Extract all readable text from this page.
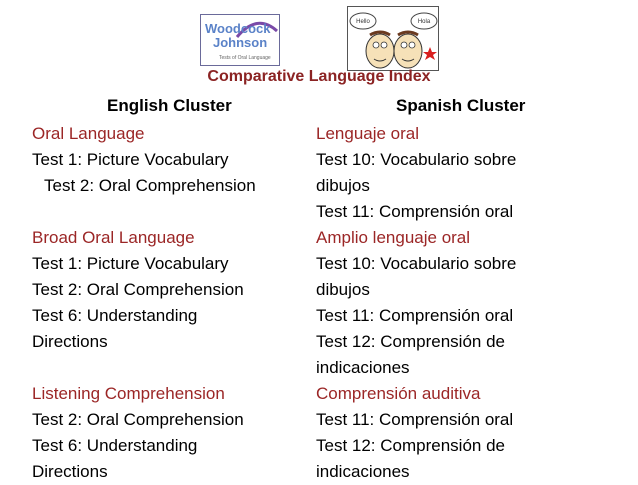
Woodcock
Johnson
Tests of Oral Language
Hello	Hola
Comparative Language Index
English Cluster	Spanish Cluster
Oral Language
Test 1: Picture Vocabulary
Test 2: Oral Comprehension
Broad Oral Language
Test 1: Picture Vocabulary
Test 2: Oral Comprehension
Test 6: Understanding
Directions
Listening Comprehension
Test 2: Oral Comprehension
Test 6: Understanding
Directions
Lenguaje oral
Test 10: Vocabulario sobre
dibujos
Test 11: Comprensión oral
Amplio lenguaje oral
Test 10: Vocabulario sobre
dibujos
Test 11: Comprensión oral
Test 12: Comprensión de
indicaciones
Comprensión auditiva
Test 11: Comprensión oral
Test 12: Comprensión de
indicaciones
